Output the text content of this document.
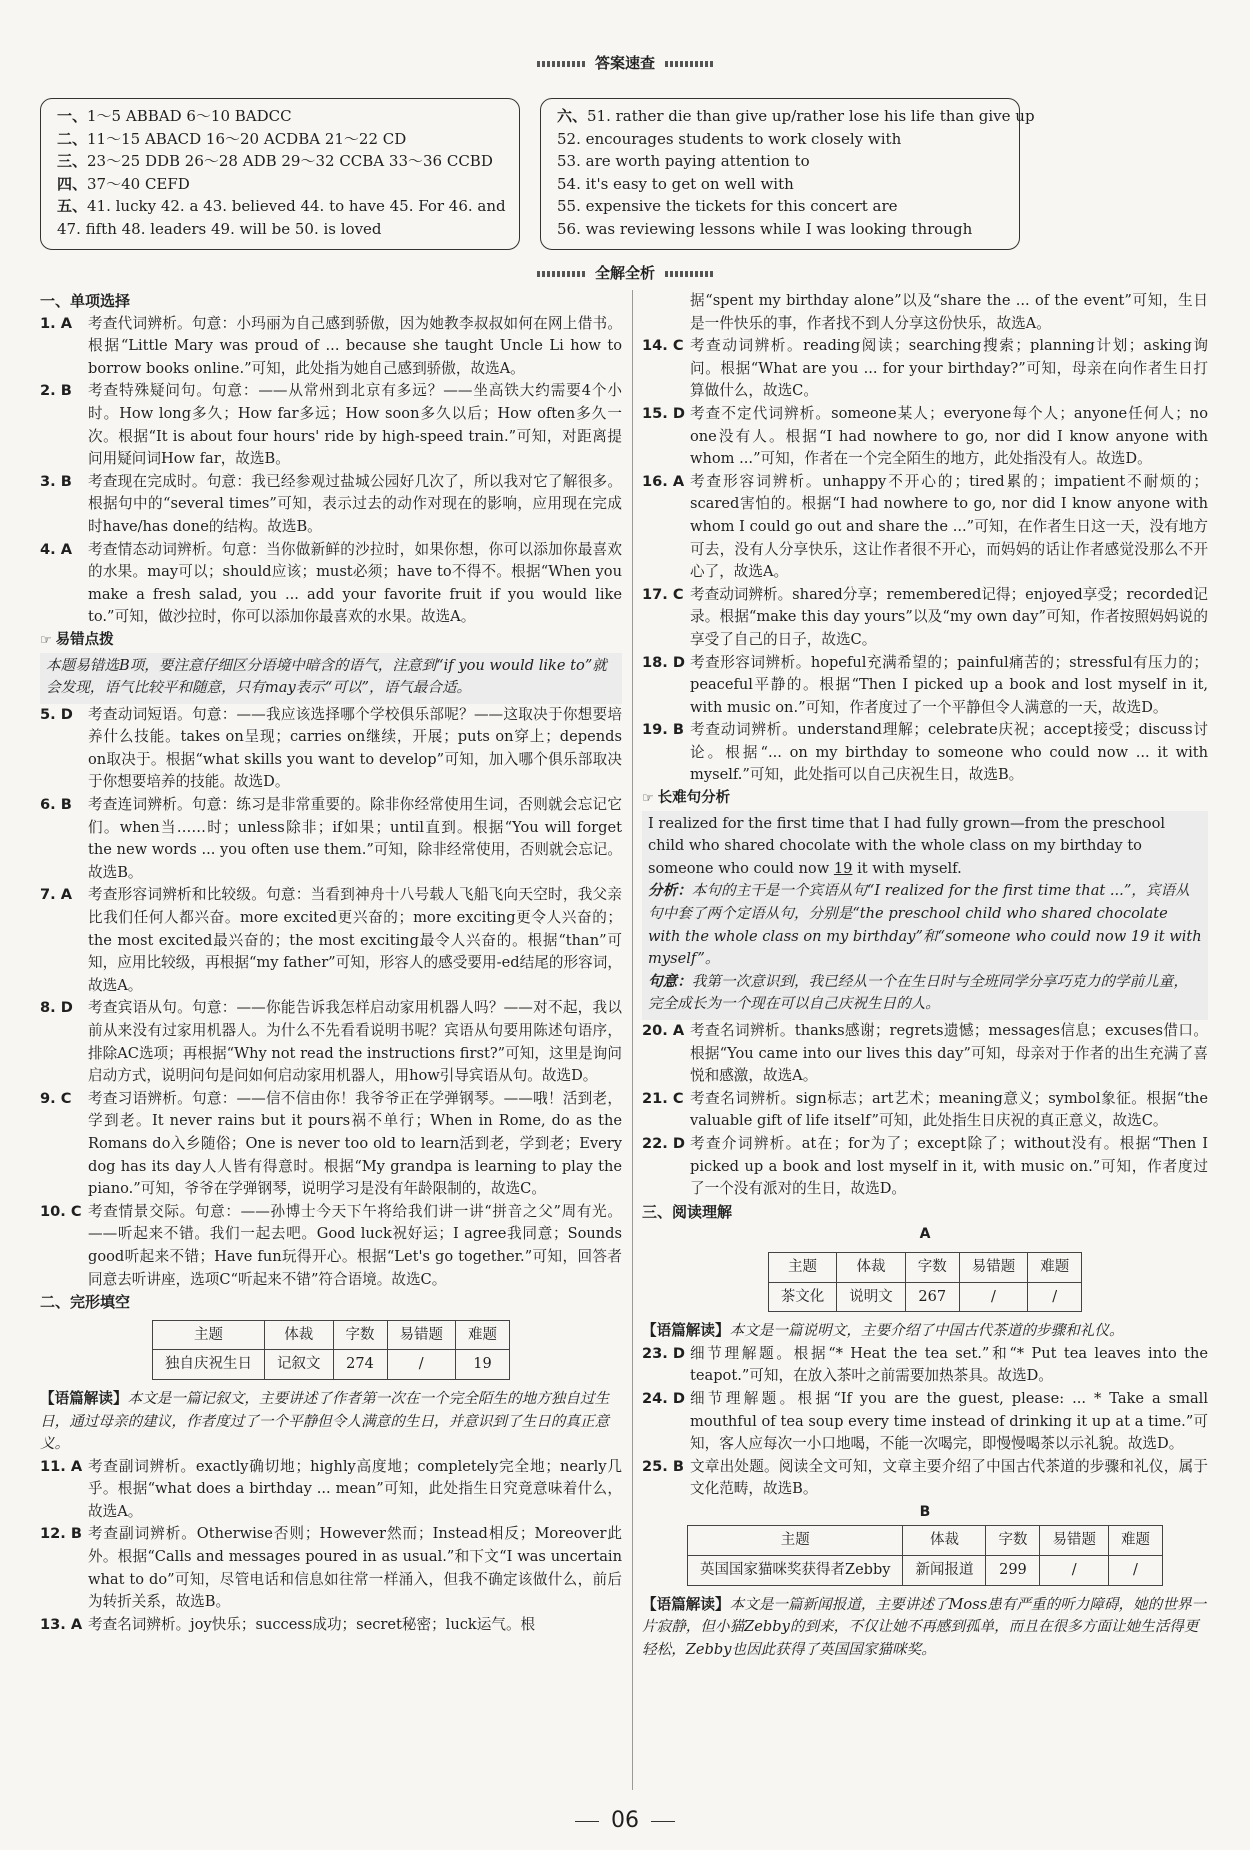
答案速查
一、1～5 ABBAD 6～10 BADCC
二、11～15 ABACD 16～20 ACDBA 21～22 CD
三、23～25 DDB 26～28 ADB 29～32 CCBA 33～36 CCBD
四、37～40 CEFD
五、41. lucky 42. a 43. believed 44. to have 45. For 46. and
47. fifth 48. leaders 49. will be 50. is loved
六、51. rather die than give up/rather lose his life than give up
52. encourages students to work closely with
53. are worth paying attention to
54. it's easy to get on well with
55. expensive the tickets for this concert are
56. was reviewing lessons while I was looking through
全解全析

一、单项选择

1. A	考查代词辨析。句意：小玛丽为自己感到骄傲，因为她教李叔叔如何在网上借书。根据“Little Mary was proud of ... because she taught Uncle Li how to borrow books online.”可知，此处指为她自己感到骄傲，故选A。
2. B	考查特殊疑问句。句意：——从常州到北京有多远？——坐高铁大约需要4个小时。How long多久；How far多远；How soon多久以后；How often多久一次。根据“It is about four hours' ride by high-speed train.”可知，对距离提问用疑问词How far，故选B。
3. B	考查现在完成时。句意：我已经参观过盐城公园好几次了，所以我对它了解很多。根据句中的“several times”可知，表示过去的动作对现在的影响，应用现在完成时have/has done的结构。故选B。
4. A	考查情态动词辨析。句意：当你做新鲜的沙拉时，如果你想，你可以添加你最喜欢的水果。may可以；should应该；must必须；have to不得不。根据“When you make a fresh salad, you ... add your favorite fruit if you would like to.”可知，做沙拉时，你可以添加你最喜欢的水果。故选A。
☞ 易错点拨
本题易错选B项，要注意仔细区分语境中暗含的语气，注意到“if you would like to”就会发现，语气比较平和随意，只有may表示“可以”，语气最合适。
5. D	考查动词短语。句意：——我应该选择哪个学校俱乐部呢？——这取决于你想要培养什么技能。takes on呈现；carries on继续，开展；puts on穿上；depends on取决于。根据“what skills you want to develop”可知，加入哪个俱乐部取决于你想要培养的技能。故选D。
6. B	考查连词辨析。句意：练习是非常重要的。除非你经常使用生词，否则就会忘记它们。when当……时；unless除非；if如果；until直到。根据“You will forget the new words ... you often use them.”可知，除非经常使用，否则就会忘记。故选B。
7. A	考查形容词辨析和比较级。句意：当看到神舟十八号载人飞船飞向天空时，我父亲比我们任何人都兴奋。more excited更兴奋的；more exciting更令人兴奋的；the most excited最兴奋的；the most exciting最令人兴奋的。根据“than”可知，应用比较级，再根据“my father”可知，形容人的感受要用-ed结尾的形容词，故选A。
8. D	考查宾语从句。句意：——你能告诉我怎样启动家用机器人吗？——对不起，我以前从来没有过家用机器人。为什么不先看看说明书呢？宾语从句要用陈述句语序，排除AC选项；再根据“Why not read the instructions first?”可知，这里是询问启动方式，说明问句是问如何启动家用机器人，用how引导宾语从句。故选D。
9. C	考查习语辨析。句意：——信不信由你！我爷爷正在学弹钢琴。——哦！活到老，学到老。It never rains but it pours祸不单行；When in Rome, do as the Romans do入乡随俗；One is never too old to learn活到老，学到老；Every dog has its day人人皆有得意时。根据“My grandpa is learning to play the piano.”可知，爷爷在学弹钢琴，说明学习是没有年龄限制的，故选C。
10. C 考查情景交际。句意：——孙博士今天下午将给我们讲一讲“拼音之父”周有光。——听起来不错。我们一起去吧。Good luck祝好运；I agree我同意；Sounds good听起来不错；Have fun玩得开心。根据“Let's go together.”可知，回答者同意去听讲座，选项C“听起来不错”符合语境。故选C。

二、完形填空

主题	体裁	字数	易错题	难题
独自庆祝生日	记叙文	274	/	19
【语篇解读】本文是一篇记叙文，主要讲述了作者第一次在一个完全陌生的地方独自过生日，通过母亲的建议，作者度过了一个平静但令人满意的生日，并意识到了生日的真正意义。
11. A 考查副词辨析。exactly确切地；highly高度地；completely完全地；nearly几乎。根据“what does a birthday ... mean”可知，此处指生日究竟意味着什么，故选A。
12. B 考查副词辨析。Otherwise否则；However然而；Instead相反；Moreover此外。根据“Calls and messages poured in as usual.”和下文“I was uncertain what to do”可知，尽管电话和信息如往常一样涌入，但我不确定该做什么，前后为转折关系，故选B。
13. A 考查名词辨析。joy快乐；success成功；secret秘密；luck运气。根
据“spent my birthday alone”以及“share the ... of the event”可知，生日是一件快乐的事，作者找不到人分享这份快乐，故选A。
14. C 考查动词辨析。reading阅读；searching搜索；planning计划；asking询问。根据“What are you ... for your birthday?”可知，母亲在向作者生日打算做什么，故选C。
15. D 考查不定代词辨析。someone某人；everyone每个人；anyone任何人；no one没有人。根据“I had nowhere to go, nor did I know anyone with whom ...”可知，作者在一个完全陌生的地方，此处指没有人。故选D。
16. A 考查形容词辨析。unhappy不开心的；tired累的；impatient不耐烦的；scared害怕的。根据“I had nowhere to go, nor did I know anyone with whom I could go out and share the ...”可知，在作者生日这一天，没有地方可去，没有人分享快乐，这让作者很不开心，而妈妈的话让作者感觉没那么不开心了，故选A。
17. C 考查动词辨析。shared分享；remembered记得；enjoyed享受；recorded记录。根据“make this day yours”以及“my own day”可知，作者按照妈妈说的享受了自己的日子，故选C。
18. D 考查形容词辨析。hopeful充满希望的；painful痛苦的；stressful有压力的；peaceful平静的。根据“Then I picked up a book and lost myself in it, with music on.”可知，作者度过了一个平静但令人满意的一天，故选D。
19. B 考查动词辨析。understand理解；celebrate庆祝；accept接受；discuss讨论。根据“... on my birthday to someone who could now ... it with myself.”可知，此处指可以自己庆祝生日，故选B。
☞ 长难句分析
I realized for the first time that I had fully grown—from the preschool child who shared chocolate with the whole class on my birthday to someone who could now 19 it with myself.
分析：本句的主干是一个宾语从句“I realized for the first time that ...”，宾语从句中套了两个定语从句，分别是“the preschool child who shared chocolate with the whole class on my birthday”和“someone who could now 19 it with myself”。
句意：我第一次意识到，我已经从一个在生日时与全班同学分享巧克力的学前儿童，完全成长为一个现在可以自己庆祝生日的人。
20. A 考查名词辨析。thanks感谢；regrets遗憾；messages信息；excuses借口。根据“You came into our lives this day”可知，母亲对于作者的出生充满了喜悦和感激，故选A。
21. C 考查名词辨析。sign标志；art艺术；meaning意义；symbol象征。根据“the valuable gift of life itself”可知，此处指生日庆祝的真正意义，故选C。
22. D 考查介词辨析。at在；for为了；except除了；without没有。根据“Then I picked up a book and lost myself in it, with music on.”可知，作者度过了一个没有派对的生日，故选D。

三、阅读理解

A

主题	体裁	字数	易错题	难题
茶文化	说明文	267	/	/
【语篇解读】本文是一篇说明文，主要介绍了中国古代茶道的步骤和礼仪。
23. D 细节理解题。根据“* Heat the tea set.”和“* Put tea leaves into the teapot.”可知，在放入茶叶之前需要加热茶具。故选D。
24. D 细节理解题。根据“If you are the guest, please: ... * Take a small mouthful of tea soup every time instead of drinking it up at a time.”可知，客人应每次一小口地喝，不能一次喝完，即慢慢喝茶以示礼貌。故选D。
25. B 文章出处题。阅读全文可知，文章主要介绍了中国古代茶道的步骤和礼仪，属于文化范畴，故选B。

B

主题	体裁	字数	易错题	难题
英国国家猫咪奖获得者Zebby	新闻报道	299	/	/
【语篇解读】本文是一篇新闻报道，主要讲述了Moss患有严重的听力障碍，她的世界一片寂静，但小猫Zebby的到来，不仅让她不再感到孤单，而且在很多方面让她生活得更轻松，Zebby也因此获得了英国国家猫咪奖。
06
